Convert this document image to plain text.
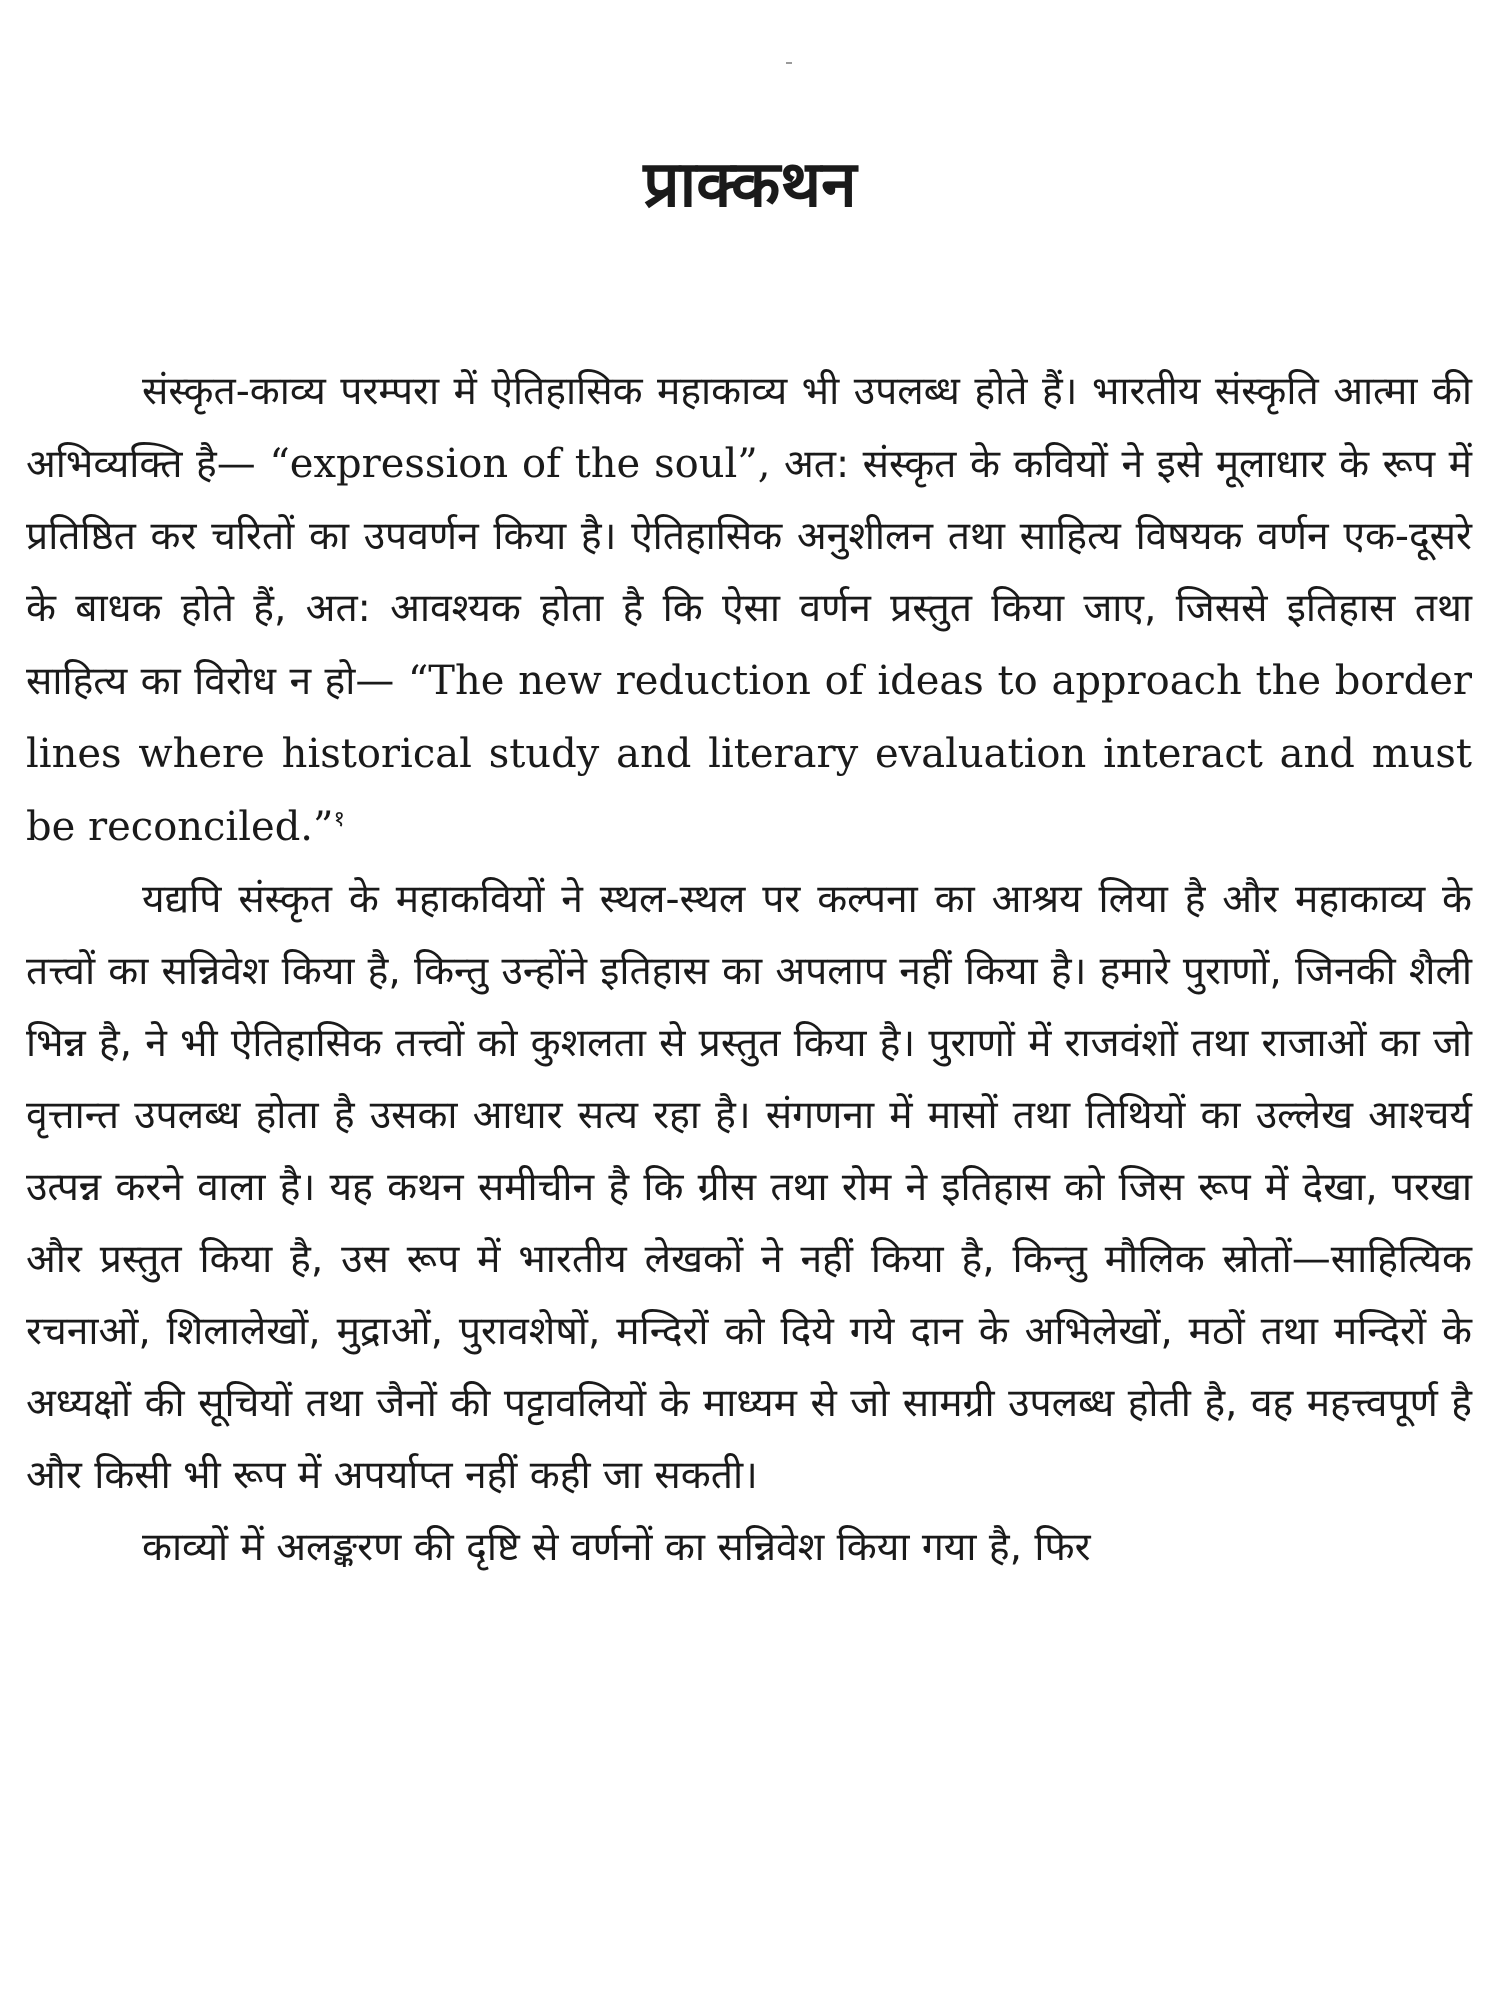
प्राक्कथन

संस्कृत-काव्य परम्परा में ऐतिहासिक महाकाव्य भी उपलब्ध होते हैं। भारतीय संस्कृति आत्मा की अभिव्यक्ति है— “expression of the soul”, अत: संस्कृत के कवियों ने इसे मूलाधार के रूप में प्रतिष्ठित कर चरितों का उपवर्णन किया है। ऐतिहासिक अनुशीलन तथा साहित्य विषयक वर्णन एक-दूसरे के बाधक होते हैं, अत: आवश्यक होता है कि ऐसा वर्णन प्रस्तुत किया जाए, जिससे इतिहास तथा साहित्य का विरोध न हो— “The new reduction of ideas to approach the border lines where historical study and literary evaluation interact and must be reconciled.”$^१$

यद्यपि संस्कृत के महाकवियों ने स्थल-स्थल पर कल्पना का आश्रय लिया है और महाकाव्य के तत्त्वों का सन्निवेश किया है, किन्तु उन्होंने इतिहास का अपलाप नहीं किया है। हमारे पुराणों, जिनकी शैली भिन्न है, ने भी ऐतिहासिक तत्त्वों को कुशलता से प्रस्तुत किया है। पुराणों में राजवंशों तथा राजाओं का जो वृत्तान्त उपलब्ध होता है उसका आधार सत्य रहा है। संगणना में मासों तथा तिथियों का उल्लेख आश्चर्य उत्पन्न करने वाला है। यह कथन समीचीन है कि ग्रीस तथा रोम ने इतिहास को जिस रूप में देखा, परखा और प्रस्तुत किया है, उस रूप में भारतीय लेखकों ने नहीं किया है, किन्तु मौलिक स्रोतों—साहित्यिक रचनाओं, शिलालेखों, मुद्राओं, पुरावशेषों, मन्दिरों को दिये गये दान के अभिलेखों, मठों तथा मन्दिरों के अध्यक्षों की सूचियों तथा जैनों की पट्टावलियों के माध्यम से जो सामग्री उपलब्ध होती है, वह महत्त्वपूर्ण है और किसी भी रूप में अपर्याप्त नहीं कही जा सकती।

काव्यों में अलङ्करण की दृष्टि से वर्णनों का सन्निवेश किया गया है, फिर
